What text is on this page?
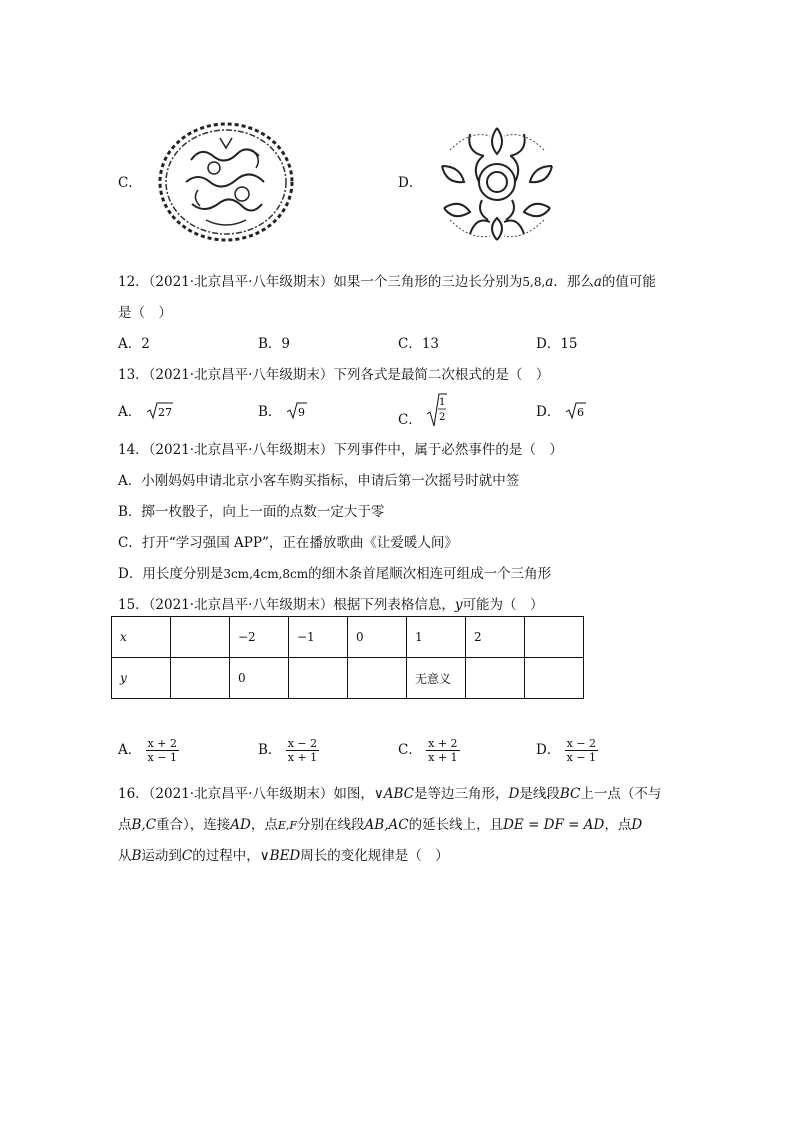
C．	D．
12．（2021·北京昌平·八年级期末）如果一个三角形的三边长分别为5,8,a．那么a的值可能
是（　）
A．2	B．9	C．13	D．15
13．（2021·北京昌平·八年级期末）下列各式是最简二次根式的是（　）
A． 27	B． 9	C．
1
2	D． 6
14．（2021·北京昌平·八年级期末）下列事件中，属于必然事件的是（　）
A．小刚妈妈申请北京小客车购买指标，申请后第一次摇号时就中签
B．掷一枚骰子，向上一面的点数一定大于零
C．打开“学习强国 APP”，正在播放歌曲《让爱暖人间》
D．用长度分别是3cm,4cm,8cm的细木条首尾顺次相连可组成一个三角形
15．（2021·北京昌平·八年级期末）根据下列表格信息，y可能为（　）
x		−2	−1	0	1	2	
y		0			无意义		
A． $\frac{x + 2}{x - 1}$	B． $\frac{x - 2}{x + 1}$	C． $\frac{x + 2}{x + 1}$	D． $\frac{x - 2}{x - 1}$
16．（2021·北京昌平·八年级期末）如图，∨ABC是等边三角形，D是线段BC上一点（不与
点B,C重合），连接AD，点E,F分别在线段AB,AC的延长线上，且DE = DF = AD，点D
从B运动到C的过程中，∨BED周长的变化规律是（　）
